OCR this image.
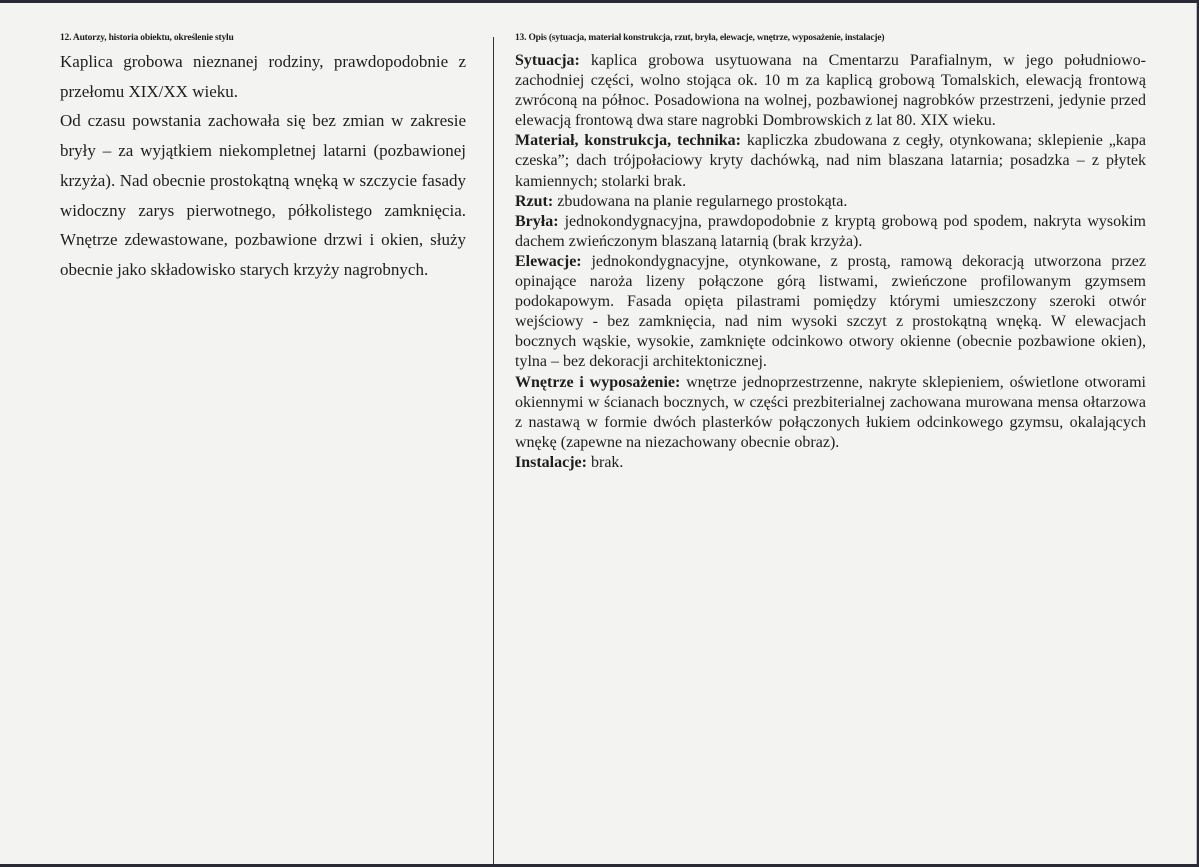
12. Autorzy, historia obiektu, określenie stylu

Kaplica grobowa nieznanej rodziny, prawdopodobnie z przełomu XIX/XX wieku.

Od czasu powstania zachowała się bez zmian w zakresie bryły – za wyjątkiem niekompletnej latarni (pozbawionej krzyża). Nad obecnie prostokątną wnęką w szczycie fasady widoczny zarys pierwotnego, półkolistego zamknięcia. Wnętrze zdewastowane, pozbawione drzwi i okien, służy obecnie jako składowisko starych krzyży nagrobnych.

13. Opis (sytuacja, materiał konstrukcja, rzut, bryła, elewacje, wnętrze, wyposażenie, instalacje)

Sytuacja: kaplica grobowa usytuowana na Cmentarzu Parafialnym, w jego południowo-zachodniej części, wolno stojąca ok. 10 m za kaplicą grobową Tomalskich, elewacją frontową zwróconą na północ. Posadowiona na wolnej, pozbawionej nagrobków przestrzeni, jedynie przed elewacją frontową dwa stare nagrobki Dombrowskich z lat 80. XIX wieku.

Materiał, konstrukcja, technika: kapliczka zbudowana z cegły, otynkowana; sklepienie „kapa czeska”; dach trójpołaciowy kryty dachówką, nad nim blaszana latarnia; posadzka – z płytek kamiennych; stolarki brak.

Rzut: zbudowana na planie regularnego prostokąta.

Bryła: jednokondygnacyjna, prawdopodobnie z kryptą grobową pod spodem, nakryta wysokim dachem zwieńczonym blaszaną latarnią (brak krzyża).

Elewacje: jednokondygnacyjne, otynkowane, z prostą, ramową dekoracją utworzona przez opinające naroża lizeny połączone górą listwami, zwieńczone profilowanym gzymsem podokapowym. Fasada opięta pilastrami pomiędzy którymi umieszczony szeroki otwór wejściowy - bez zamknięcia, nad nim wysoki szczyt z prostokątną wnęką. W elewacjach bocznych wąskie, wysokie, zamknięte odcinkowo otwory okienne (obecnie pozbawione okien), tylna – bez dekoracji architektonicznej.

Wnętrze i wyposażenie: wnętrze jednoprzestrzenne, nakryte sklepieniem, oświetlone otworami okiennymi w ścianach bocznych, w części prezbiterialnej zachowana murowana mensa ołtarzowa z nastawą w formie dwóch plasterków połączonych łukiem odcinkowego gzymsu, okalających wnękę (zapewne na niezachowany obecnie obraz).

Instalacje: brak.
